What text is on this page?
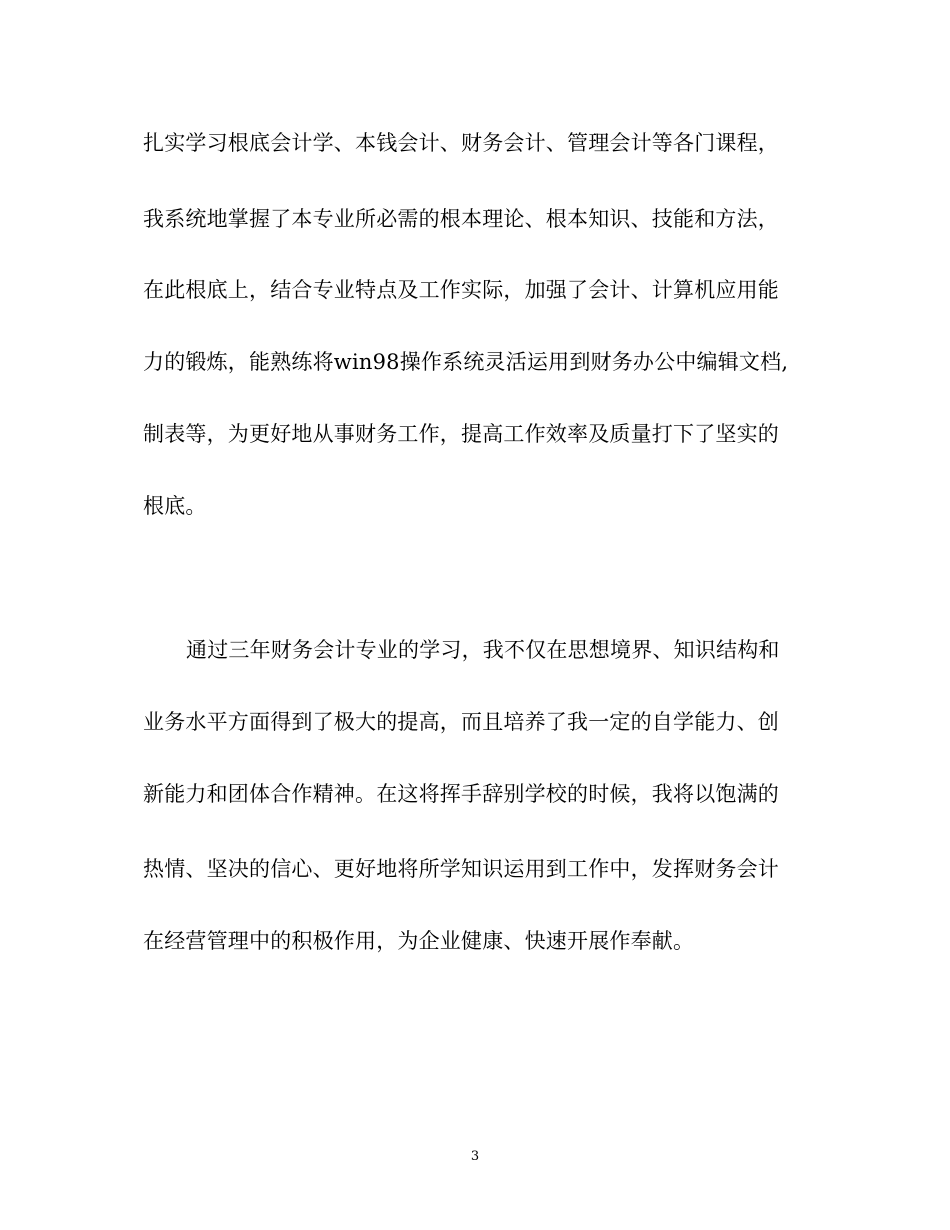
扎实学习根底会计学、本钱会计、财务会计、管理会计等各门课程，
我系统地掌握了本专业所必需的根本理论、根本知识、技能和方法，
在此根底上，结合专业特点及工作实际，加强了会计、计算机应用能
力的锻炼，能熟练将win98操作系统灵活运用到财务办公中编辑文档,
制表等，为更好地从事财务工作，提高工作效率及质量打下了坚实的
根底。
通过三年财务会计专业的学习，我不仅在思想境界、知识结构和
业务水平方面得到了极大的提高，而且培养了我一定的自学能力、创
新能力和团体合作精神。在这将挥手辞别学校的时候，我将以饱满的
热情、坚决的信心、更好地将所学知识运用到工作中，发挥财务会计
在经营管理中的积极作用，为企业健康、快速开展作奉献。
3
